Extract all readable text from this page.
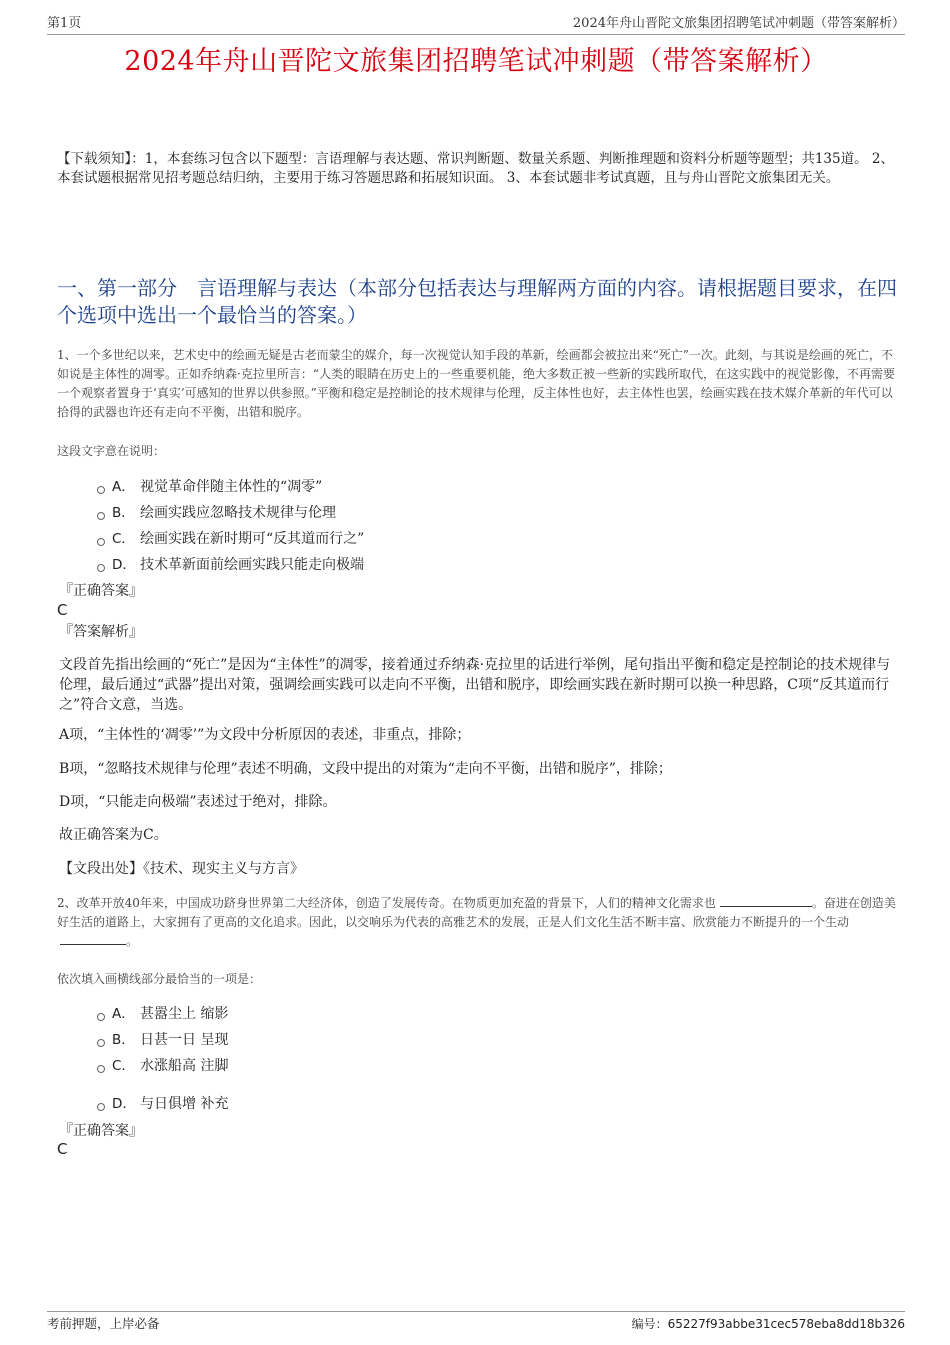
第1页	2024年舟山晋陀文旅集团招聘笔试冲刺题（带答案解析）
2024年舟山晋陀文旅集团招聘笔试冲刺题（带答案解析）
【下载须知】：1，本套练习包含以下题型：言语理解与表达题、常识判断题、数量关系题、判断推理题和资料分析题等题型；共135道。 2、本套试题根据常见招考题总结归纳，主要用于练习答题思路和拓展知识面。 3、本套试题非考试真题，且与舟山晋陀文旅集团无关。
一、第一部分　言语理解与表达（本部分包括表达与理解两方面的内容。请根据题目要求，在四个选项中选出一个最恰当的答案。）
1、一个多世纪以来，艺术史中的绘画无疑是古老而蒙尘的媒介，每一次视觉认知手段的革新，绘画都会被拉出来“死亡”一次。此刻，与其说是绘画的死亡，不如说是主体性的凋零。正如乔纳森·克拉里所言：“人类的眼睛在历史上的一些重要机能，绝大多数正被一些新的实践所取代，在这实践中的视觉影像，不再需要一个观察者置身于‘真实’可感知的世界以供参照。”平衡和稳定是控制论的技术规律与伦理，反主体性也好，去主体性也罢，绘画实践在技术媒介革新的年代可以拾得的武器也许还有走向不平衡，出错和脱序。
这段文字意在说明：
A． 视觉革命伴随主体性的“凋零”
B． 绘画实践应忽略技术规律与伦理
C． 绘画实践在新时期可“反其道而行之”
D． 技术革新面前绘画实践只能走向极端
『正确答案』
C
『答案解析』
文段首先指出绘画的“死亡”是因为“主体性”的凋零，接着通过乔纳森·克拉里的话进行举例，尾句指出平衡和稳定是控制论的技术规律与伦理，最后通过“武器”提出对策，强调绘画实践可以走向不平衡，出错和脱序，即绘画实践在新时期可以换一种思路，C项“反其道而行之”符合文意，当选。
A项，“主体性的‘凋零’”为文段中分析原因的表述，非重点，排除；
B项，“忽略技术规律与伦理”表述不明确，文段中提出的对策为“走向不平衡，出错和脱序”，排除；
D项，“只能走向极端”表述过于绝对，排除。
故正确答案为C。
【文段出处】《技术、现实主义与方言》
2、改革开放40年来，中国成功跻身世界第二大经济体，创造了发展传奇。在物质更加充盈的背景下，人们的精神文化需求也	。奋进在创造美好生活的道路上，大家拥有了更高的文化追求。因此，以交响乐为代表的高雅艺术的发展，正是人们文化生活不断丰富、欣赏能力不断提升的一个生动。
依次填入画横线部分最恰当的一项是：
A． 甚嚣尘上 缩影
B． 日甚一日 呈现
C． 水涨船高 注脚
D． 与日俱增 补充
『正确答案』
C
考前押题，上岸必备	编号：65227f93abbe31cec578eba8dd18b326
